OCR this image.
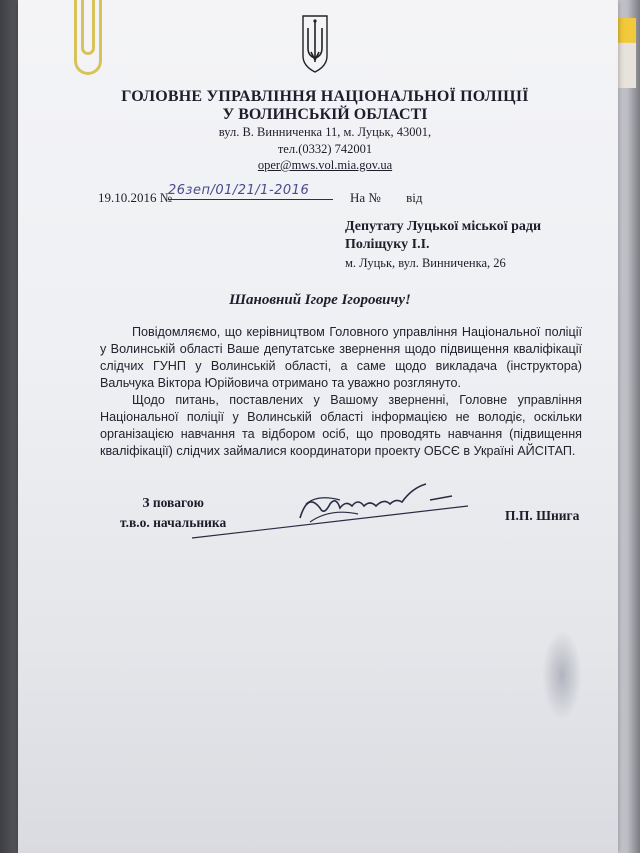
ГОЛОВНЕ УПРАВЛІННЯ НАЦІОНАЛЬНОЇ ПОЛІЦІЇ
У ВОЛИНСЬКІЙ ОБЛАСТІ
вул. В. Винниченка 11, м. Луцьк, 43001,
тел.(0332) 742001
oper@mws.vol.mia.gov.ua
19.10.2016 №
26зеп/01/21/1-2016	На № від
Депутату Луцької міської ради
Поліщуку І.І.
м. Луцьк, вул. Винниченка, 26
Шановний Ігоре Ігоровичу!

Повідомляємо, що керівництвом Головного управління Національної поліції у Волинській області Ваше депутатське звернення щодо підвищення кваліфікації слідчих ГУНП у Волинській області, а саме щодо викладача (інструктора) Вальчука Віктора Юрійовича отримано та уважно розглянуто.

Щодо питань, поставлених у Вашому зверненні, Головне управління Національної поліції у Волинській області інформацією не володіє, оскільки організацією навчання та відбором осіб, що проводять навчання (підвищення кваліфікації) слідчих займалися координатори проекту ОБСЄ в Україні АЙСІТАП.

З повагою
т.в.о. начальника	П.П. Шнига
